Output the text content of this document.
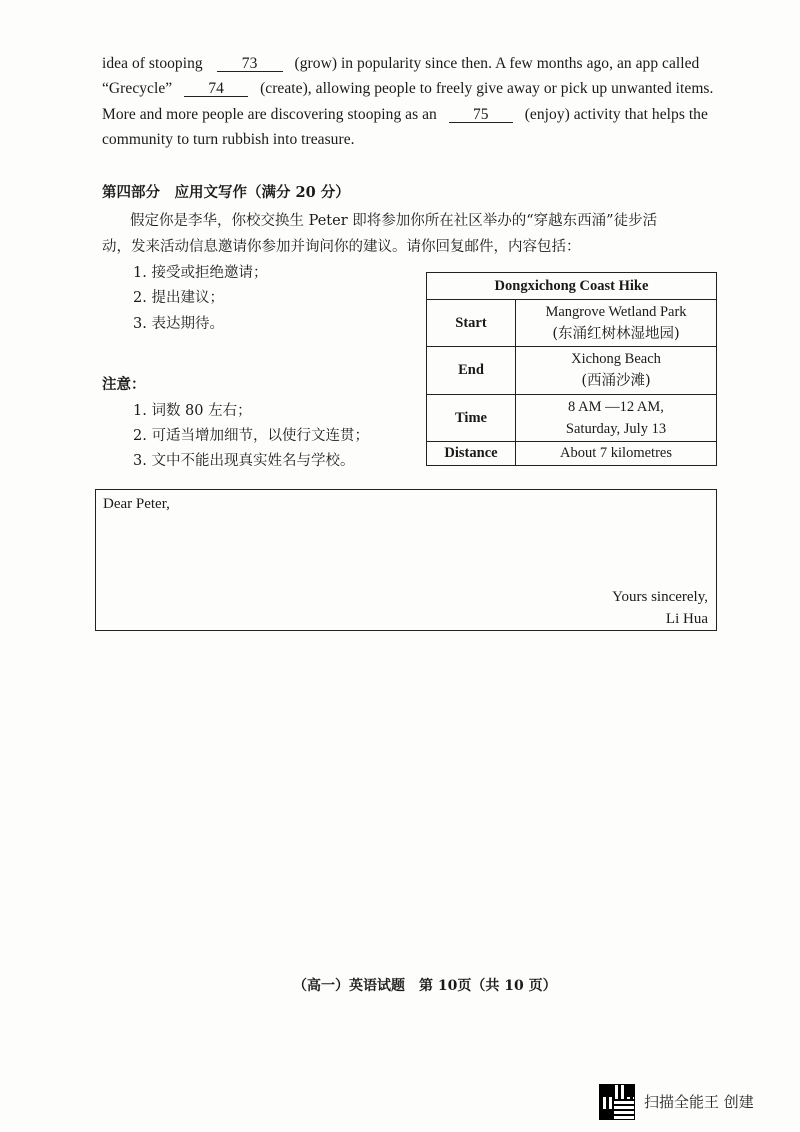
idea of stooping	73 (grow) in popularity since then. A few months ago, an app called
“Grecycle” 74 (create), allowing people to freely give away or pick up unwanted items.
More and more people are discovering stooping as an 75 (enjoy) activity that helps the
community to turn rubbish into treasure.
第四部分　应用文写作（满分 20 分）
假定你是李华，你校交换生 Peter 即将参加你所在社区举办的“穿越东西涌”徒步活
动，发来活动信息邀请你参加并询问你的建议。请你回复邮件，内容包括：
1. 接受或拒绝邀请；
2. 提出建议；
3. 表达期待。
注意：
1. 词数 80 左右；
2. 可适当增加细节，以使行文连贯；
3. 文中不能出现真实姓名与学校。
Dongxichong Coast Hike	
Start	Mangrove Wetland Park
(东涌红树林湿地园)

End	Xichong Beach
(西涌沙滩)

Time	8 AM —12 AM,
Saturday, July 13

Distance	About 7 kilometres
Dear Peter,
Yours sincerely,
Li Hua
（高一）英语试题　第 10页（共 10 页）
扫描全能王 创建
